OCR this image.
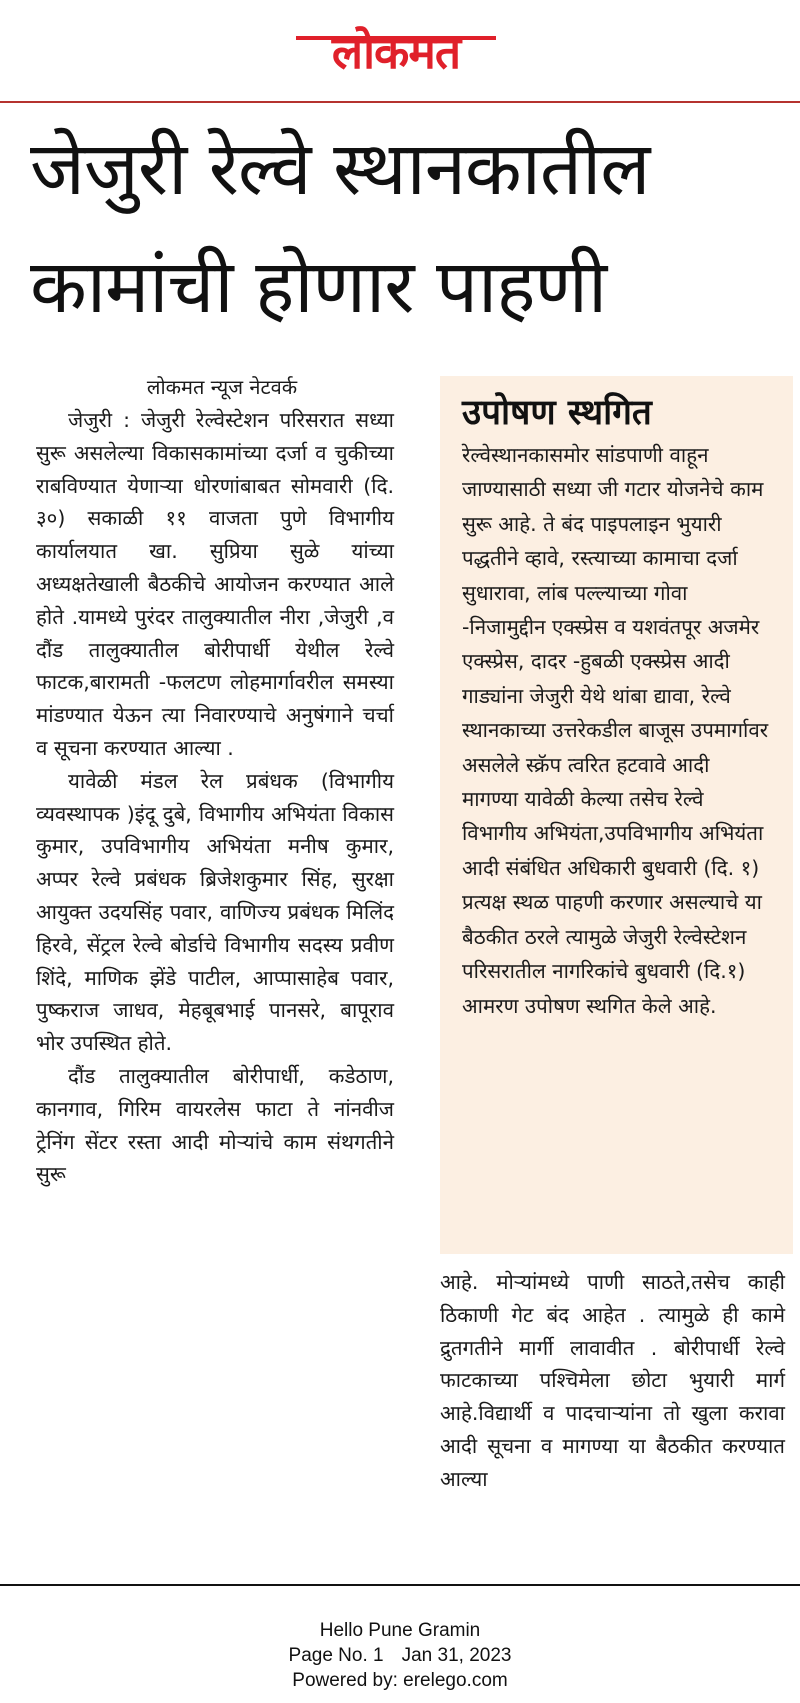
लोकमत
जेजुरी रेल्वे स्थानकातील
कामांची होणार पाहणी
लोकमत न्यूज नेटवर्क

जेजुरी : जेजुरी रेल्वेस्टेशन परिसरात सध्या सुरू असलेल्या विकासकामांच्या दर्जा व चुकीच्या राबविण्यात येणाऱ्या धोरणांबाबत सोमवारी (दि. ३०) सकाळी ११ वाजता पुणे विभागीय कार्यालयात खा. सुप्रिया सुळे यांच्या अध्यक्षतेखाली बैठकीचे आयोजन करण्यात आले होते .यामध्ये पुरंदर तालुक्यातील नीरा ,जेजुरी ,व दौंड तालुक्यातील बोरीपार्धी येथील रेल्वे फाटक,बारामती -फलटण लोहमार्गावरील समस्या मांडण्यात येऊन त्या निवारण्याचे अनुषंगाने चर्चा व सूचना करण्यात आल्या .

यावेळी मंडल रेल प्रबंधक (विभागीय व्यवस्थापक )इंदू दुबे, विभागीय अभियंता विकास कुमार, उपविभागीय अभियंता मनीष कुमार, अप्पर रेल्वे प्रबंधक ब्रिजेशकुमार सिंह, सुरक्षा आयुक्त उदयसिंह पवार, वाणिज्य प्रबंधक मिलिंद हिरवे, सेंट्रल रेल्वे बोर्डाचे विभागीय सदस्य प्रवीण शिंदे, माणिक झेंडे पाटील, आप्पासाहेब पवार, पुष्कराज जाधव, मेहबूबभाई पानसरे, बापूराव भोर उपस्थित होते.

दौंड तालुक्यातील बोरीपार्धी, कडेठाण, कानगाव, गिरिम वायरलेस फाटा ते नांनवीज ट्रेनिंग सेंटर रस्ता आदी मोऱ्यांचे काम संथगतीने सुरू

उपोषण स्थगित

रेल्वेस्थानकासमोर सांडपाणी वाहून जाण्यासाठी सध्या जी गटार योजनेचे काम सुरू आहे. ते बंद पाइपलाइन भुयारी पद्धतीने व्हावे, रस्त्याच्या कामाचा दर्जा सुधारावा, लांब पल्ल्याच्या गोवा -निजामुद्दीन एक्स्प्रेस व यशवंतपूर अजमेर एक्स्प्रेस, दादर -हुबळी एक्स्प्रेस आदी गाड्यांना जेजुरी येथे थांबा द्यावा, रेल्वे स्थानकाच्या उत्तरेकडील बाजूस उपमार्गावर असलेले स्क्रॅप त्वरित हटवावे आदी मागण्या यावेळी केल्या तसेच रेल्वे विभागीय अभियंता,उपविभागीय अभियंता आदी संबंधित अधिकारी बुधवारी (दि. १) प्रत्यक्ष स्थळ पाहणी करणार असल्याचे या बैठकीत ठरले त्यामुळे जेजुरी रेल्वेस्टेशन परिसरातील नागरिकांचे बुधवारी (दि.१) आमरण उपोषण स्थगित केले आहे.

आहे. मोऱ्यांमध्ये पाणी साठते,तसेच काही ठिकाणी गेट बंद आहेत . त्यामुळे ही कामे द्रुतगतीने मार्गी लावावीत . बोरीपार्धी रेल्वे फाटकाच्या पश्चिमेला छोटा भुयारी मार्ग आहे.विद्यार्थी व पादचाऱ्यांना तो खुला करावा आदी सूचना व मागण्या या बैठकीत करण्यात आल्या

Hello Pune Gramin
Page No. 1 Jan 31, 2023
Powered by: erelego.com
